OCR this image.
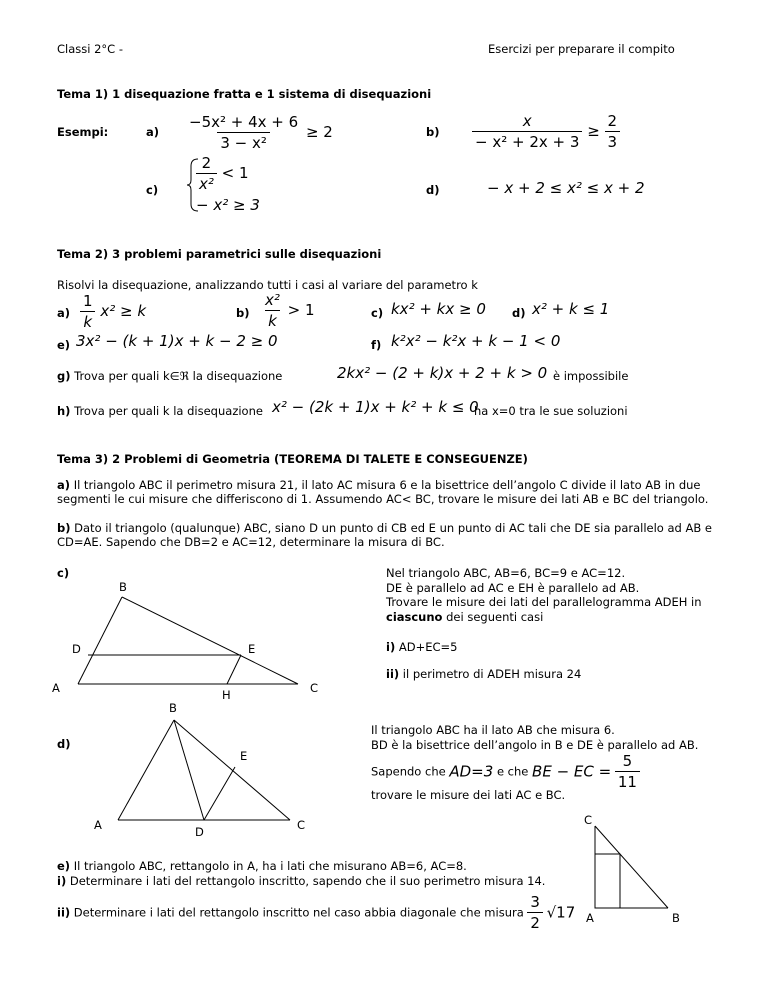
Classi 2°C -	Esercizi per preparare il compito
Tema 1) 1 disequazione fratta e 1 sistema di disequazioni
Esempi:	$a) \frac{\text{−5x² + 4x + 6}}{\text{3 − x²}} \ge 2$	$b) \frac{x}{\text{− x² + 2x + 3}} \ge \frac{2}{3}$
c)	$\frac{2}{\text{x²}} < 1$
− x² ≥ 3
d)	− x + 2 ≤ x² ≤ x + 2
Tema 2) 3 problemi parametrici sulle disequazioni
Risolvi la disequazione, analizzando tutti i casi al variare del parametro k
$a) \frac{1}{k} x^2 \ge k$	$b) \frac{\text{x²}}{k} > 1$	c) kx² + kx ≥ 0 d) x² + k ≤ 1
e) 3x² − (k + 1)x + k − 2 ≥ 0	f) k²x² − k²x + k − 1 < 0
g) Trova per quali k∈ℜ la disequazione	2kx² − (2 + k)x + 2 + k > 0 è impossibile
h) Trova per quali k la disequazione x² − (2k + 1)x + k² + k ≤ 0
ha x=0 tra le sue soluzioni
Tema 3) 2 Problemi di Geometria (TEOREMA DI TALETE E CONSEGUENZE)
a) Il triangolo ABC il perimetro misura 21, il lato AC misura 6 e la bisettrice dell’angolo C divide il lato AB in due segmenti le cui misure che differiscono di 1. Assumendo AC< BC, trovare le misure dei lati AB e BC del triangolo.
b) Dato il triangolo (qualunque) ABC, siano D un punto di CB ed E un punto di AC tali che DE sia parallelo ad AB e CD=AE. Sapendo che DB=2 e AC=12, determinare la misura di BC.
c)
B
D	E
A	H	C
Nel triangolo ABC, AB=6, BC=9 e AC=12.
DE è parallelo ad AC e EH è parallelo ad AB.
Trovare le misure dei lati del parallelogramma ADEH in
ciascuno dei seguenti casi
i) AD+EC=5
ii) il perimetro di ADEH misura 24
d)
B
E
A	D	C
Il triangolo ABC ha il lato AB che misura 6.
BD è la bisettrice dell’angolo in B e DE è parallelo ad AB.
Sapendo che AD=3 e che BE − EC = $\frac{5}{11}$
trovare le misure dei lati AC e BC.
e) Il triangolo ABC, rettangolo in A, ha i lati che misurano AB=6, AC=8.
i) Determinare i lati del rettangolo inscritto, sapendo che il suo perimetro misura 14.
ii) Determinare i lati del rettangolo inscritto nel caso abbia diagonale che misura $\frac{3}{2} √17$
C
A	B
